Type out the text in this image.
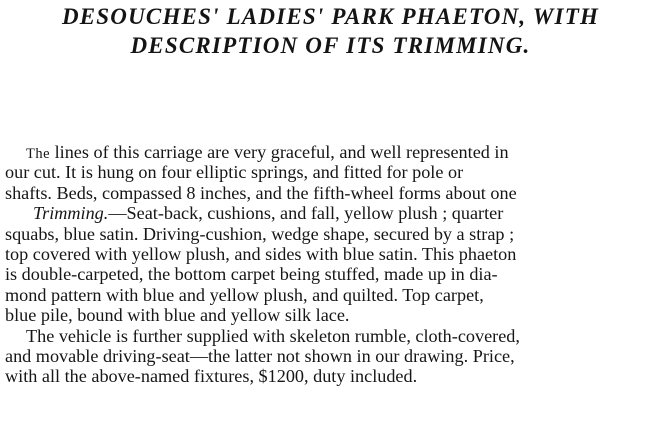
DESOUCHES' LADIES' PARK PHAETON, WITH
DESCRIPTION OF ITS TRIMMING.
The lines of this carriage are very graceful, and well represented in
our cut. It is hung on four elliptic springs, and fitted for pole or
shafts. Beds, compassed 8 inches, and the fifth-wheel forms about one
Trimming.—Seat-back, cushions, and fall, yellow plush ; quarter
squabs, blue satin. Driving-cushion, wedge shape, secured by a strap ;
top covered with yellow plush, and sides with blue satin. This phaeton
is double-carpeted, the bottom carpet being stuffed, made up in dia-
mond pattern with blue and yellow plush, and quilted. Top carpet,
blue pile, bound with blue and yellow silk lace.
The vehicle is further supplied with skeleton rumble, cloth-covered,
and movable driving-seat—the latter not shown in our drawing. Price,
with all the above-named fixtures, $1200, duty included.
